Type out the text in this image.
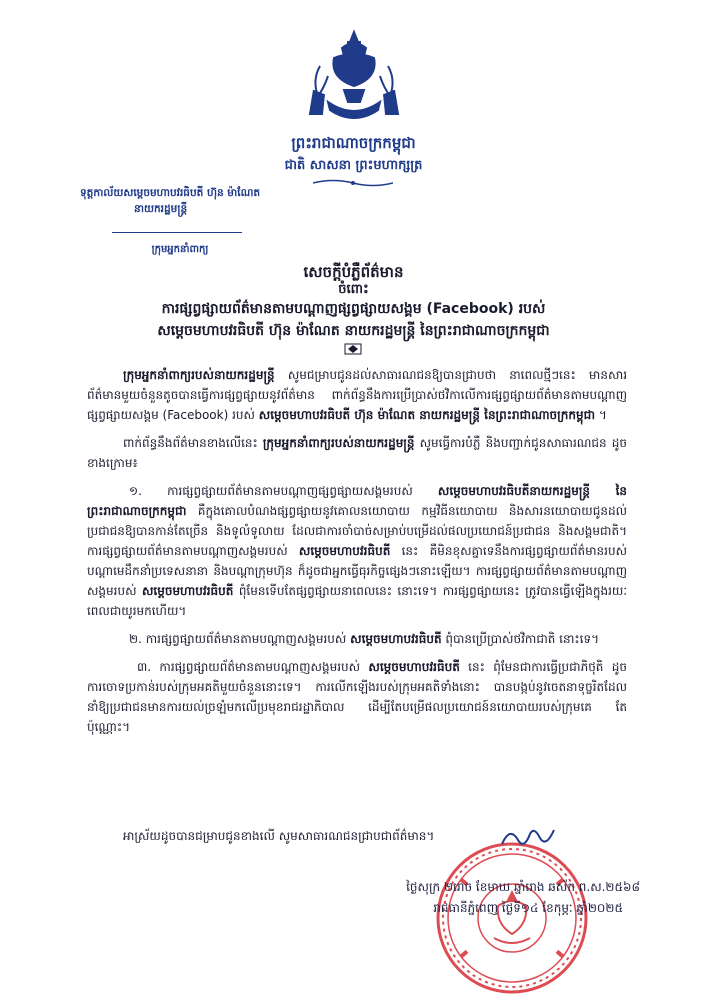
ព្រះរាជាណាចក្រកម្ពុជា
ជាតិ សាសនា ព្រះមហាក្សត្រ
ទុត្តកាល័យសម្ដេចមហាបវរធិបតី ហ៊ុន ម៉ាណែត
នាយករដ្ឋមន្ត្រី
ក្រុមអ្នកនាំពាក្យ
សេចក្ដីបំភ្លឺព័ត៌មាន
ចំពោះ
ការផ្សព្វផ្សាយព័ត៌មានតាមបណ្ដាញផ្សព្វផ្សាយសង្គម (Facebook) របស់
សម្ដេចមហាបវរធិបតី ហ៊ុន ម៉ាណែត នាយករដ្ឋមន្ត្រី នៃព្រះរាជាណាចក្រកម្ពុជា

ក្រុមអ្នកនាំពាក្យរបស់នាយករដ្ឋមន្ត្រី សូមជម្រាបជូនដល់សាធារណជនឱ្យបានជ្រាបថា នាពេលថ្មីៗនេះ មានសារព័ត៌មានមួយចំនួនតូចបានធ្វើការផ្សព្វផ្សាយនូវព័ត៌មាន ពាក់ព័ន្ធនឹងការប្រើប្រាស់ថវិកាលើការផ្សព្វផ្សាយព័ត៌មានតាមបណ្ដាញផ្សព្វផ្សាយសង្គម (Facebook) របស់ សម្ដេចមហាបវរធិបតី ហ៊ុន ម៉ាណែត នាយករដ្ឋមន្ត្រី នៃព្រះរាជាណាចក្រកម្ពុជា ។

ពាក់ព័ន្ធនឹងព័ត៌មានខាងលើនេះ ក្រុមអ្នកនាំពាក្យរបស់នាយករដ្ឋមន្ត្រី សូមធ្វើការបំភ្លឺ និងបញ្ជាក់ជូនសាធារណជន ដូចខាងក្រោម៖

១. ការផ្សព្វផ្សាយព័ត៌មានតាមបណ្ដាញផ្សព្វផ្សាយសង្គមរបស់ សម្ដេចមហាបវរធិបតីនាយករដ្ឋមន្ត្រី នៃព្រះរាជាណាចក្រកម្ពុជា គឺក្នុងគោលបំណងផ្សព្វផ្សាយនូវគោលនយោបាយ កម្មវិធីនយោបាយ និងសារនយោបាយជូនដល់ប្រជាជនឱ្យបានកាន់តែច្រើន និងទូលំទូលាយ ដែលជាការចាំបាច់សម្រាប់បម្រើដល់ផលប្រយោជន៍ប្រជាជន និងសង្គមជាតិ។ ការផ្សព្វផ្សាយព័ត៌មានតាមបណ្ដាញសង្គមរបស់ សម្ដេចមហាបវរធិបតី នេះ គឺមិនខុសគ្នាទេនឹងការផ្សព្វផ្សាយព័ត៌មានរបស់បណ្ដាមេដឹកនាំប្រទេសនានា និងបណ្ដាក្រុមហ៊ុន ក៏ដូចជាអ្នកធ្វើធុរកិច្ចផ្សេងៗនោះឡើយ។ ការផ្សព្វផ្សាយព័ត៌មានតាមបណ្ដាញសង្គមរបស់ សម្ដេចមហាបវរធិបតី ពុំមែនទើបតែផ្សព្វផ្សាយនាពេលនេះ នោះទេ។ ការផ្សព្វផ្សាយនេះ ត្រូវបានធ្វើឡើងក្នុងរយៈពេលជាយូរមកហើយ។

២. ការផ្សព្វផ្សាយព័ត៌មានតាមបណ្ដាញសង្គមរបស់ សម្ដេចមហាបវរធិបតី ពុំបានប្រើប្រាស់ថវិកាជាតិ នោះទេ។

៣. ការផ្សព្វផ្សាយព័ត៌មានតាមបណ្ដាញសង្គមរបស់ សម្ដេចមហាបវរធិបតី នេះ ពុំមែនជាការធ្វើប្រជាភិថុតិ ដូចការចោទប្រកាន់របស់ក្រុមអគតិមួយចំនួននោះទេ។ ការលើកឡើងរបស់ក្រុមអគតិទាំងនោះ បានបង្កប់នូវចេតនាទុច្ចរិតដែលនាំឱ្យប្រជាជនមានការយល់ច្រឡំមកលើប្រមុខរាជរដ្ឋាភិបាល ដើម្បីតែបម្រើផលប្រយោជន៍នយោបាយរបស់ក្រុមគេ តែប៉ុណ្ណោះ។

អាស្រ័យដូចបានជម្រាបជូនខាងលើ សូមសាធារណជនជ្រាបជាព័ត៌មាន។
ថ្ងៃសុក្រ ២រោច ខែមាឃ ឆ្នាំរោង ឆស័ក ព.ស.២៥៦៨
រាជធានីភ្នំពេញ ថ្ងៃទី១៤ ខែកុម្ភៈ ឆ្នាំ២០២៥
